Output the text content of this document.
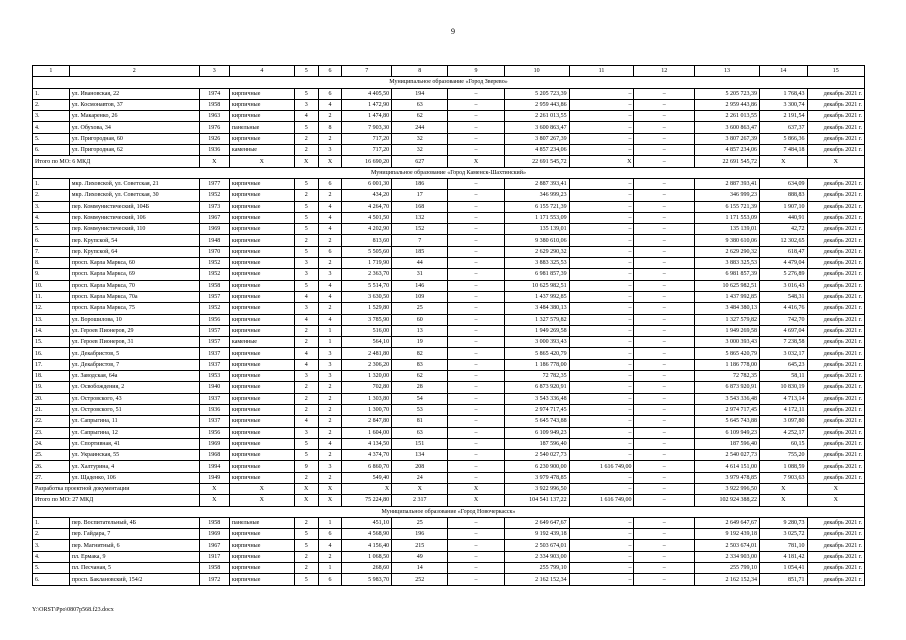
9
1	2	3	4	5	6	7	8	9	10	11	12	13	14	15
Муниципальное образование «Город Зверево»														
1.	ул. Ивановская, 22	1974	кирпичные	5	6	4 405,50	194	–	5 205 723,39	–	–	5 205 723,39	1 768,43	декабрь 2021 г.
2.	ул. Космонавтов, 37	1958	кирпичные	3	4	1 472,90	63	–	2 959 443,86	–	–	2 959 443,86	3 300,74	декабрь 2021 г.
3.	ул. Макаренко, 26	1963	кирпичные	4	2	1 474,80	62	–	2 261 013,55	–	–	2 261 013,55	2 191,54	декабрь 2021 г.
4.	ул. Обухова, 34	1976	панельные	5	8	7 903,30	244	–	3 600 863,47	–	–	3 600 863,47	637,37	декабрь 2021 г.
5.	ул. Пригородная, 60	1926	кирпичные	2	2	717,20	32	–	3 807 267,39	–	–	3 807 267,39	5 866,36	декабрь 2021 г.
6.	ул. Пригородная, 62	1936	каменные	2	3	717,20	32	–	4 857 234,06	–	–	4 857 234,06	7 484,18	декабрь 2021 г.
Итого по МО: 6 МКД		X	X	X	X	16 690,20	627	X	22 691 545,72	X	–	22 691 545,72	X	X
Муниципальное образование «Город Каменск-Шахтинский»														
1.	мкр. Лиховской, ул. Советская, 21	1977	кирпичные	5	6	6 001,30	186	–	2 887 393,41	–	–	2 887 393,41	634,09	декабрь 2021 г.
2.	мкр. Лиховской, ул. Советская, 30	1952	кирпичные	2	2	434,20	17	–	346 999,23	–	–	346 999,23	888,83	декабрь 2021 г.
3.	пер. Коммунистический, 104Б	1973	кирпичные	5	4	4 264,70	168	–	6 155 721,39	–	–	6 155 721,39	1 907,10	декабрь 2021 г.
4.	пер. Коммунистический, 106	1967	кирпичные	5	4	4 501,50	132	–	1 171 553,09	–	–	1 171 553,09	440,91	декабрь 2021 г.
5.	пер. Коммунистический, 110	1969	кирпичные	5	4	4 202,90	152	–	135 139,01	–	–	135 139,01	42,72	декабрь 2021 г.
6.	пер. Крупской, 54	1948	кирпичные	2	2	813,60	7	–	9 380 610,06	–	–	9 380 610,06	12 302,65	декабрь 2021 г.
7.	пер. Крупской, 64	1970	кирпичные	5	6	5 505,60	185	–	2 629 290,32	–	–	2 629 290,32	618,47	декабрь 2021 г.
8.	просп. Карла Маркса, 60	1952	кирпичные	3	2	1 719,90	44	–	3 883 325,53	–	–	3 883 325,53	4 479,04	декабрь 2021 г.
9.	просп. Карла Маркса, 69	1952	кирпичные	3	3	2 363,70	31	–	6 981 857,39	–	–	6 981 857,39	5 276,89	декабрь 2021 г.
10.	просп. Карла Маркса, 70	1958	кирпичные	5	4	5 514,70	146	–	10 625 982,51	–	–	10 625 982,51	3 016,43	декабрь 2021 г.
11.	просп. Карла Маркса, 70а	1957	кирпичные	4	4	3 630,50	109	–	1 437 992,85	–	–	1 437 992,85	548,31	декабрь 2021 г.
12.	просп. Карла Маркса, 75	1952	кирпичные	3	2	1 529,80	25	–	3 484 380,13	–	–	3 484 380,13	4 416,76	декабрь 2021 г.
13.	ул. Ворошилова, 10	1956	кирпичные	4	4	3 785,90	60	–	1 327 579,82	–	–	1 327 579,82	742,70	декабрь 2021 г.
14.	ул. Героев Пионеров, 29	1957	кирпичные	2	1	516,00	13	–	1 949 269,58	–	–	1 949 269,58	4 697,04	декабрь 2021 г.
15.	ул. Героев Пионеров, 31	1957	каменные	2	1	564,10	19	–	3 000 393,43	–	–	3 000 393,43	7 238,58	декабрь 2021 г.
16.	ул. Декабристов, 5	1937	кирпичные	4	3	2 481,80	82	–	5 865 420,79	–	–	5 865 420,79	3 032,17	декабрь 2021 г.
17.	ул. Декабристов, 7	1937	кирпичные	4	3	2 306,20	83	–	1 186 778,00	–	–	1 186 778,00	645,23	декабрь 2021 г.
18.	ул. Заводская, 64а	1953	кирпичные	3	3	1 320,00	62	–	72 782,35	–	–	72 782,35	58,11	декабрь 2021 г.
19.	ул. Освобождения, 2	1940	кирпичные	2	2	702,80	28	–	6 873 920,91	–	–	6 873 920,91	10 830,19	декабрь 2021 г.
20.	ул. Островского, 43	1937	кирпичные	2	2	1 303,80	54	–	3 543 336,48	–	–	3 543 336,48	4 713,14	декабрь 2021 г.
21.	ул. Островского, 51	1936	кирпичные	2	2	1 300,70	53	–	2 974 717,45	–	–	2 974 717,45	4 172,11	декабрь 2021 г.
22.	ул. Сапрыгина, 11	1937	кирпичные	4	2	2 847,80	81	–	5 645 743,88	–	–	5 645 743,88	3 097,80	декабрь 2021 г.
23.	ул. Сапрыгина, 12	1956	кирпичные	3	2	1 604,00	63	–	6 109 949,23	–	–	6 109 949,23	4 252,17	декабрь 2021 г.
24.	ул. Спортивная, 41	1969	кирпичные	5	4	4 134,50	151	–	187 596,40	–	–	187 596,40	60,15	декабрь 2021 г.
25.	ул. Украинская, 55	1968	кирпичные	5	2	4 374,70	134	–	2 540 027,73	–	–	2 540 027,73	755,20	декабрь 2021 г.
26.	ул. Халтурина, 4	1994	кирпичные	9	3	6 860,70	208	–	6 230 900,00	1 616 749,00	–	4 614 151,00	1 088,59	декабрь 2021 г.
27.	ул. Щаденко, 106	1949	кирпичные	2	2	549,40	24	–	3 979 478,85	–	–	3 979 478,85	7 903,63	декабрь 2021 г.
Разработка проектной документации		X	X	X	X	X	X	X	3 922 996,50	–	–	3 922 996,50	X	X
Итого по МО: 27 МКД		X	X	X	X	75 224,80	2 317	X	104 541 137,22	1 616 749,00	–	102 924 388,22	X	X
Муниципальное образование «Город Новочеркасск»														
1.	пер. Воспитательный, 4Б	1958	панельные	2	1	451,10	25	–	2 649 647,67	–	–	2 649 647,67	9 280,73	декабрь 2021 г.
2.	пер. Гайдара, 7	1969	кирпичные	5	6	4 568,90	196	–	9 192 439,18	–	–	9 192 439,18	3 025,72	декабрь 2021 г.
3.	пер. Магнитный, 6	1967	кирпичные	5	4	4 156,40	215	–	2 503 674,01	–	–	2 503 674,01	781,10	декабрь 2021 г.
4.	пл. Ермака, 9	1917	кирпичные	2	2	1 068,50	49	–	2 334 903,00	–	–	2 334 903,00	4 181,42	декабрь 2021 г.
5.	пл. Песчаная, 5	1958	кирпичные	2	1	268,60	14	–	255 799,10	–	–	255 799,10	1 054,41	декабрь 2021 г.
6.	просп. Баклановский, 154/2	1972	кирпичные	5	6	5 983,70	252	–	2 162 152,34	–	–	2 162 152,34	851,71	декабрь 2021 г.
Y:\ORST\Ppo\0807p568.f23.docx
